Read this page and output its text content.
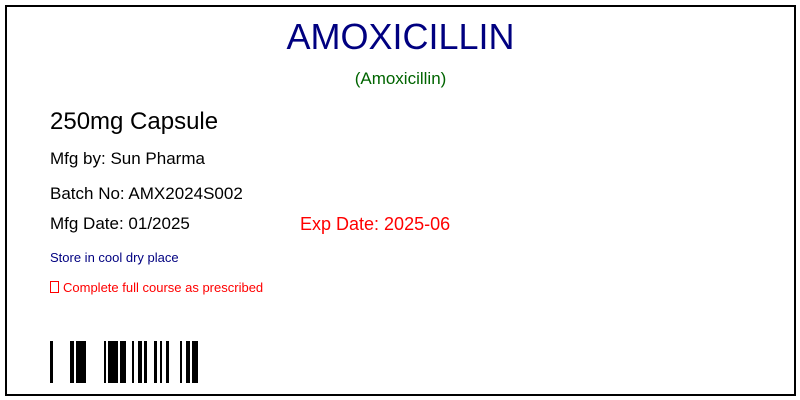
AMOXICILLIN
(Amoxicillin)
250mg Capsule
Mfg by: Sun Pharma
Batch No: AMX2024S002
Mfg Date: 01/2025	Exp Date: 2025-06
Store in cool dry place
Complete full course as prescribed
